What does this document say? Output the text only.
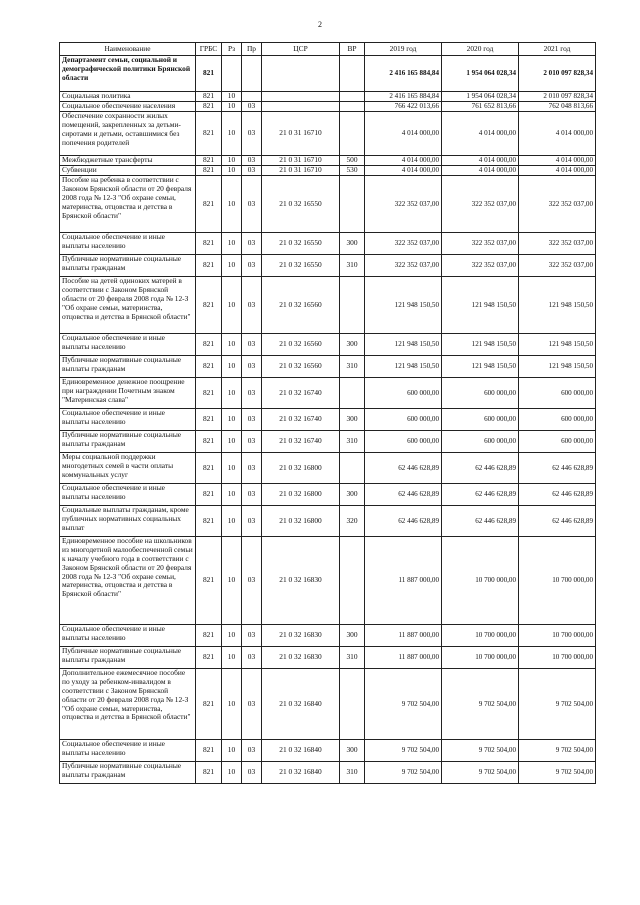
2
Наименование	ГРБС	Рз	Пр	ЦСР	ВР	2019 год	2020 год	2021 год
Департамент семьи, социальной и демографической политики Брянской области	821					2 416 165 884,84	1 954 064 028,34	2 010 097 828,34
Социальная политика	821	10				2 416 165 884,84	1 954 064 028,34	2 010 097 828,34
Социальное обеспечение населения	821	10	03			766 422 013,66	761 652 813,66	762 048 813,66
Обеспечение сохранности жилых помещений, закрепленных за детьми-сиротами и детьми, оставшимися без попечения родителей	821	10	03	21 0 31 16710		4 014 000,00	4 014 000,00	4 014 000,00
Межбюджетные трансферты	821	10	03	21 0 31 16710	500	4 014 000,00	4 014 000,00	4 014 000,00
Субвенции	821	10	03	21 0 31 16710	530	4 014 000,00	4 014 000,00	4 014 000,00
Пособие на ребенка в соответствии с Законом Брянской области от 20 февраля 2008 года № 12-З "Об охране семьи, материнства, отцовства и детства в Брянской области"	821	10	03	21 0 32 16550		322 352 037,00	322 352 037,00	322 352 037,00
Социальное обеспечение и иные выплаты населению	821	10	03	21 0 32 16550	300	322 352 037,00	322 352 037,00	322 352 037,00
Публичные нормативные социальные выплаты гражданам	821	10	03	21 0 32 16550	310	322 352 037,00	322 352 037,00	322 352 037,00
Пособие на детей одиноких матерей в соответствии с Законом Брянской области от 20 февраля 2008 года № 12-З "Об охране семьи, материнства, отцовства и детства в Брянской области"	821	10	03	21 0 32 16560		121 948 150,50	121 948 150,50	121 948 150,50
Социальное обеспечение и иные выплаты населению	821	10	03	21 0 32 16560	300	121 948 150,50	121 948 150,50	121 948 150,50
Публичные нормативные социальные выплаты гражданам	821	10	03	21 0 32 16560	310	121 948 150,50	121 948 150,50	121 948 150,50
Единовременное денежное поощрение при награждении Почетным знаком "Материнская слава"	821	10	03	21 0 32 16740		600 000,00	600 000,00	600 000,00
Социальное обеспечение и иные выплаты населению	821	10	03	21 0 32 16740	300	600 000,00	600 000,00	600 000,00
Публичные нормативные социальные выплаты гражданам	821	10	03	21 0 32 16740	310	600 000,00	600 000,00	600 000,00
Меры социальной поддержки многодетных семей в части оплаты коммунальных услуг	821	10	03	21 0 32 16800		62 446 628,89	62 446 628,89	62 446 628,89
Социальное обеспечение и иные выплаты населению	821	10	03	21 0 32 16800	300	62 446 628,89	62 446 628,89	62 446 628,89
Социальные выплаты гражданам, кроме публичных нормативных социальных выплат	821	10	03	21 0 32 16800	320	62 446 628,89	62 446 628,89	62 446 628,89
Единовременное пособие на школьников из многодетной малообеспеченной семьи к началу учебного года в соответствии с Законом Брянской области от 20 февраля 2008 года № 12-З "Об охране семьи, материнства, отцовства и детства в Брянской области"	821	10	03	21 0 32 16830		11 887 000,00	10 700 000,00	10 700 000,00
Социальное обеспечение и иные выплаты населению	821	10	03	21 0 32 16830	300	11 887 000,00	10 700 000,00	10 700 000,00
Публичные нормативные социальные выплаты гражданам	821	10	03	21 0 32 16830	310	11 887 000,00	10 700 000,00	10 700 000,00
Дополнительное ежемесячное пособие по уходу за ребенком-инвалидом в соответствии с Законом Брянской области от 20 февраля 2008 года № 12-З "Об охране семьи, материнства, отцовства и детства в Брянской области"	821	10	03	21 0 32 16840		9 702 504,00	9 702 504,00	9 702 504,00
Социальное обеспечение и иные выплаты населению	821	10	03	21 0 32 16840	300	9 702 504,00	9 702 504,00	9 702 504,00
Публичные нормативные социальные выплаты гражданам	821	10	03	21 0 32 16840	310	9 702 504,00	9 702 504,00	9 702 504,00
